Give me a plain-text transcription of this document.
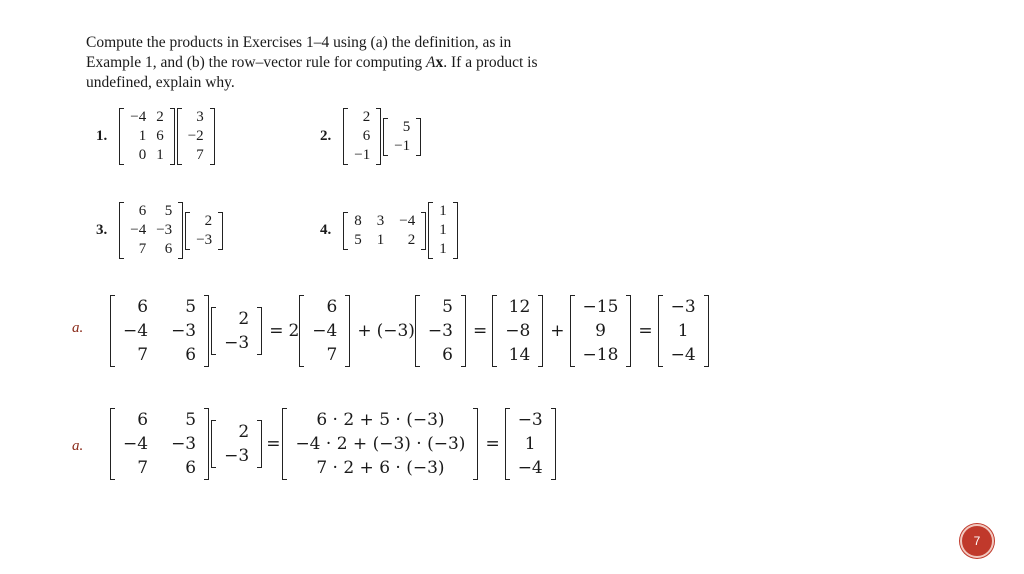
Compute the products in Exercises 1–4 using (a) the definition, as in Example 1, and (b) the row–vector rule for computing Ax. If a product is undefined, explain why.
1.
−4
1
0
2
6
1
3
−2
7
2.
2
6
−1
5
−1
3.
6
−4
7
5
−3
6
2
−3
4.
8
5
3
1
−4
2
1
1
1
a.
6
−4
7
5
−3
6
2
−3
= 2
6
−4
7
+ (−3)
5
−3
6
=
12
−8
14
+
−15
9
−18
=
−3
1
−4
a.
6
−4
7
5
−3
6
2
−3
=
6 · 2 + 5 · (−3)
−4 · 2 + (−3) · (−3)
7 · 2 + 6 · (−3)
=
−3
1
−4
7
